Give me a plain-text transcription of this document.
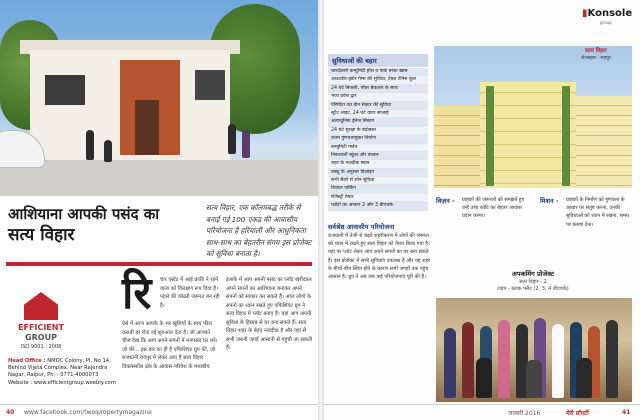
आशियाना आपकी पसंद का
सत्य विहार
सत्य विहार, एक कॉलमबद्ध तरीके से बनाई गई 100 एकड़ की आवासीय परियोजना है हरियाली और आधुनिकता साथ-साथ का बेहतरीन संगम इस प्रोजेक्ट को सुविधा बनाता है।
EFFICIENT
GROUP
ISO 9001 : 2008
Head Office : NMDC Colony, Pl. No 14,
Behind Vijeta Complex, Near Rajendra
Nagar, Raipur, Ph. : 0771-4000073
Website : www.efficientgroup.weebly.com
रि चार एस्टेट में आई क्रांति ने रहने वाला को विलक्षण रूप दिया है। पहले की कोठरी जरूरत बन रही है।
ऐसे में आज आपके के भर खुशियों के साथ फील कराती हर रोज नई शुरुआत देता है। जो आपको चीज देख कि आप अपने सपनों में मनपसंद घर बने। जो की... इस बार का ही है एफिशिएंट ग्रुप की, जो राजधानी रायपुर में लेकर आए हैं सत्य विहार विकासशील क्षेत्र के आवास-परिवेश के मध्यबीच
इलाके में आप अपनी पसंद का प्लॉट खरीदकर अपने सपनों का आशियाना बनाकर अपने सपनों को साकार कर सकते हैं। आज लोगों के सपनों का ध्यान रखते हुए एफिशिएंट ग्रुप ने सत्य विहार में प्लॉट बनाए हैं। यहां आप अपनी सुविधा के हिसाब से घर बना सकते हैं। सत्य विहार शहर के बेहद नजदीक है और यहां से सभी जरूरी जगहें आसानी से पहुंची जा सकती हैं।
40 www.facebook.com/twoipropertymagazine
▮Konsole
group
सुविधाओं की बहार
चारदीवारी कम्युनिटी हॉल व पार्क बच्चा खास
आउटडोर-इंडोर गेम्स की सुविधा, टेबल टेनिस कूल
24 घंटे बिजली, पॉवर बैकअप के साथ
भव्य प्रवेश द्वार
पेरिमीटर का ग्रीन सेक्टर की सुविधा
स्ट्रीट लाइट, 24 घंटे वाटर सप्लाई
अत्याधुनिक ड्रेनेज सिस्टम
24 घंटे सुरक्षा के बंदोबस्त
उत्तम गुणवत्तायुक्त निर्माण
कम्युनिटी गार्डन
निकटवर्ती स्कूल और बाजार
शहर के नजदीक स्थान
वास्तु के अनुसार डिज़ाइन
सभी बैंकों से लोन सुविधा
विशाल पार्किंग
रजिस्ट्री तैयार
प्लॉटों का आकार 2 और 3 बीएचके
सत्य विहार
सेजबहार - रायपुर
विज़न - ग्राहकों की जरूरतों को समझते हुए उन्हें उच्च कोटि का बेहतर आवास प्रदान करना।
मिशन - ग्राहकों के निर्माण को गुणवत्ता के आधार पर संतुष्ट करना, उनकी सुविधाओं को ध्यान में रखना, समय पर कब्जा देना।
सर्वश्रेष्ठ आवासीय परियोजना
राजधानी में तेजी से बढ़ते शहरीकरण में लोगों की जरूरत को ध्यान में रखते हुए सत्य विहार को तैयार किया गया है। यहां पर प्लॉट लेकर आप अपने सपनों का घर बना सकते हैं। इस प्रोजेक्ट में सभी सुविधाएं उपलब्ध हैं और यह शहर के बीचों-बीच स्थित होने के कारण सभी जगहों तक पहुंच आसान है। ग्रुप ने अब तक कई परियोजनाएं पूरी की हैं।	अपकमिंग प्रोजेक्ट
सत्य विहार - 2
टाइप - ब्लाक फ्लैट (2, 3, 4 बीएचके)
जनवरी 2016	मेरी प्रॉपर्टी	41
